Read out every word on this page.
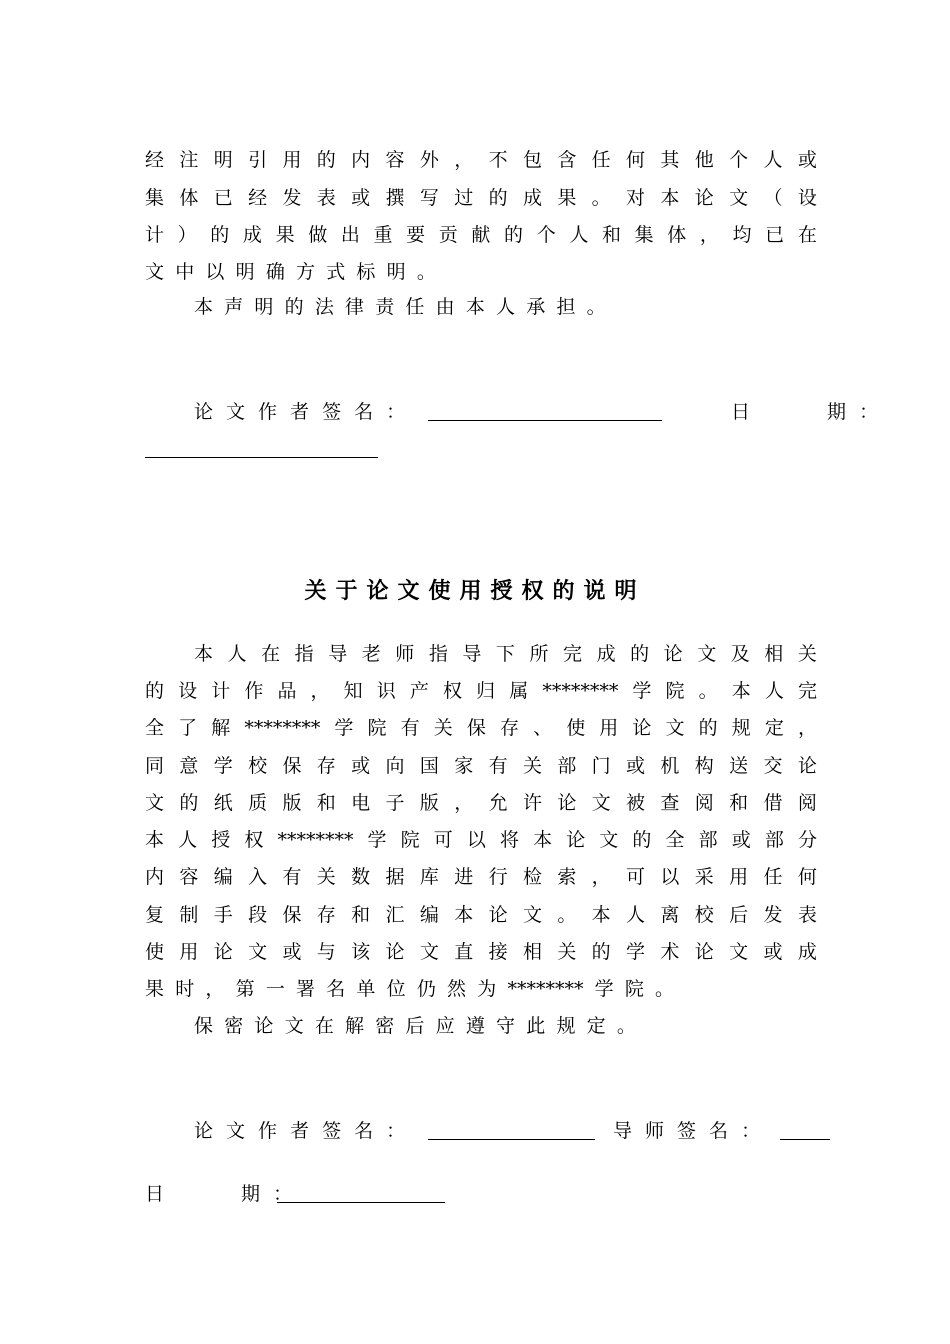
经 注 明 引 用 的 内 容 外 ， 不 包 含 任 何 其 他 个 人 或
集 体 已 经 发 表 或 撰 写 过 的 成 果 。 对 本 论 文 （ 设
计 ） 的 成 果 做 出 重 要 贡 献 的 个 人 和 集 体 ， 均 已 在
文 中 以 明 确 方 式 标 明 。
本 声 明 的 法 律 责 任 由 本 人 承 担 。
论 文 作 者 签 名 ：	日　　	期 ：
关于论文使用授权的说明
本 人 在 指 导 老 师 指 导 下 所 完 成 的 论 文 及 相 关
的 设 计 作 品 ， 知 识 产 权 归 属 ******** 学 院 。 本 人 完
全 了 解 ******** 学 院 有 关 保 存 、 使 用 论 文 的 规 定 ，
同 意 学 校 保 存 或 向 国 家 有 关 部 门 或 机 构 送 交 论
文 的 纸 质 版 和 电 子 版 ， 允 许 论 文 被 查 阅 和 借 阅
本 人 授 权 ******** 学 院 可 以 将 本 论 文 的 全 部 或 部 分
内 容 编 入 有 关 数 据 库 进 行 检 索 ， 可 以 采 用 任 何
复 制 手 段 保 存 和 汇 编 本 论 文 。 本 人 离 校 后 发 表
使 用 论 文 或 与 该 论 文 直 接 相 关 的 学 术 论 文 或 成
果 时 ， 第 一 署 名 单 位 仍 然 为 ******** 学 院 。
保 密 论 文 在 解 密 后 应 遵 守 此 规 定 。
论 文 作 者 签 名 ：	导 师 签 名 ：
日　　	期 ：
